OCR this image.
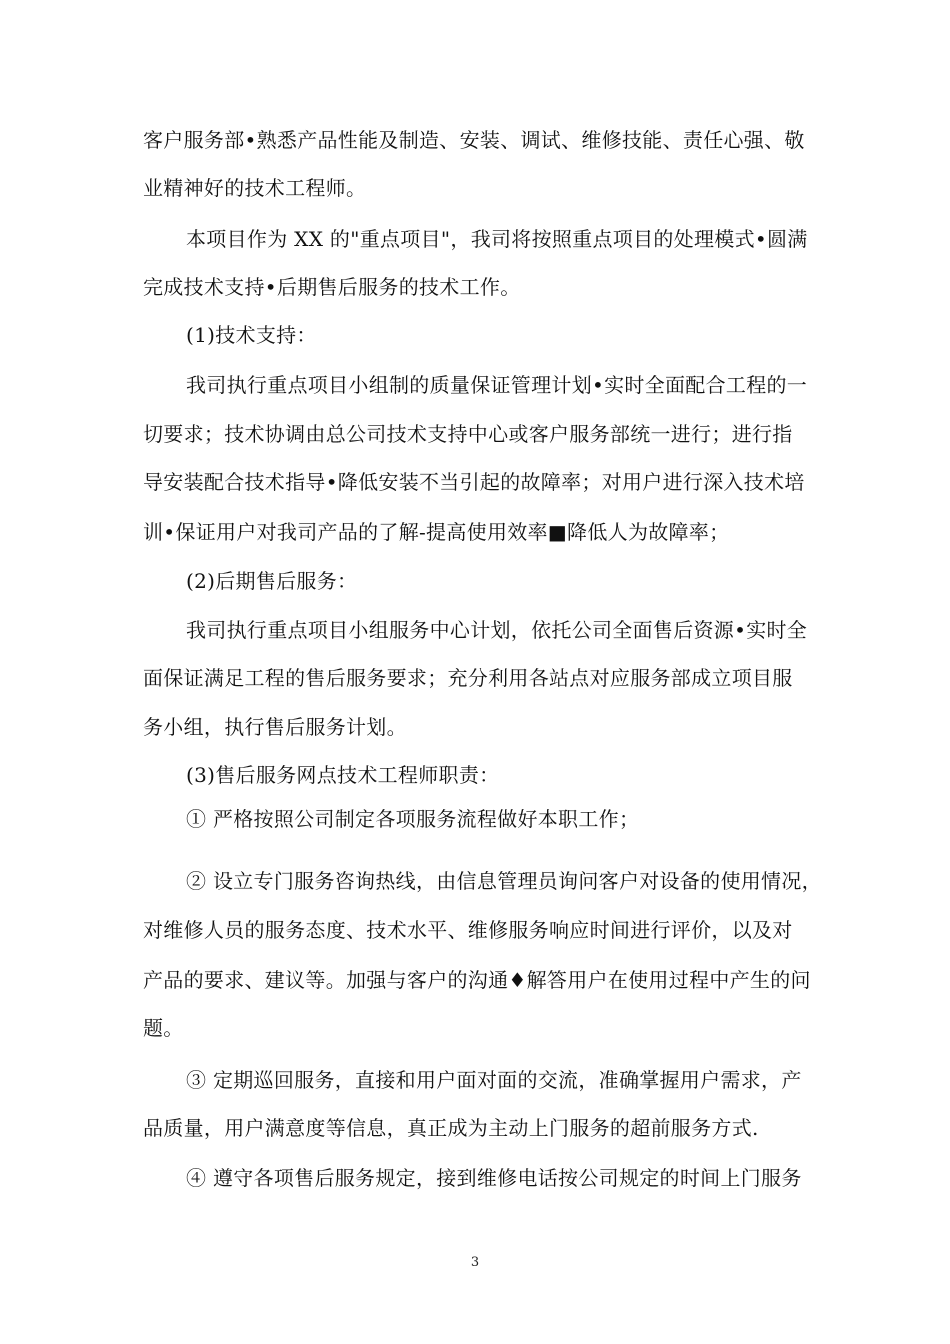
客户服务部•熟悉产品性能及制造、安装、调试、维修技能、责任心强、敬
业精神好的技术工程师。
本项目作为 XX 的"重点项目"，我司将按照重点项目的处理模式•圆满
完成技术支持•后期售后服务的技术工作。
(1)技术支持：
我司执行重点项目小组制的质量保证管理计划•实时全面配合工程的一
切要求；技术协调由总公司技术支持中心或客户服务部统一进行；进行指
导安装配合技术指导•降低安装不当引起的故障率；对用户进行深入技术培
训•保证用户对我司产品的了解-提高使用效率■降低人为故障率；
(2)后期售后服务：
我司执行重点项目小组服务中心计划，依托公司全面售后资源•实时全
面保证满足工程的售后服务要求；充分利用各站点对应服务部成立项目服
务小组，执行售后服务计划。
(3)售后服务网点技术工程师职责：
① 严格按照公司制定各项服务流程做好本职工作；
② 设立专门服务咨询热线，由信息管理员询问客户对设备的使用情况，
对维修人员的服务态度、技术水平、维修服务响应时间进行评价，以及对
产品的要求、建议等。加强与客户的沟通♦解答用户在使用过程中产生的问
题。
③ 定期巡回服务，直接和用户面对面的交流，准确掌握用户需求，产
品质量，用户满意度等信息，真正成为主动上门服务的超前服务方式.
④ 遵守各项售后服务规定，接到维修电话按公司规定的时间上门服务
3
